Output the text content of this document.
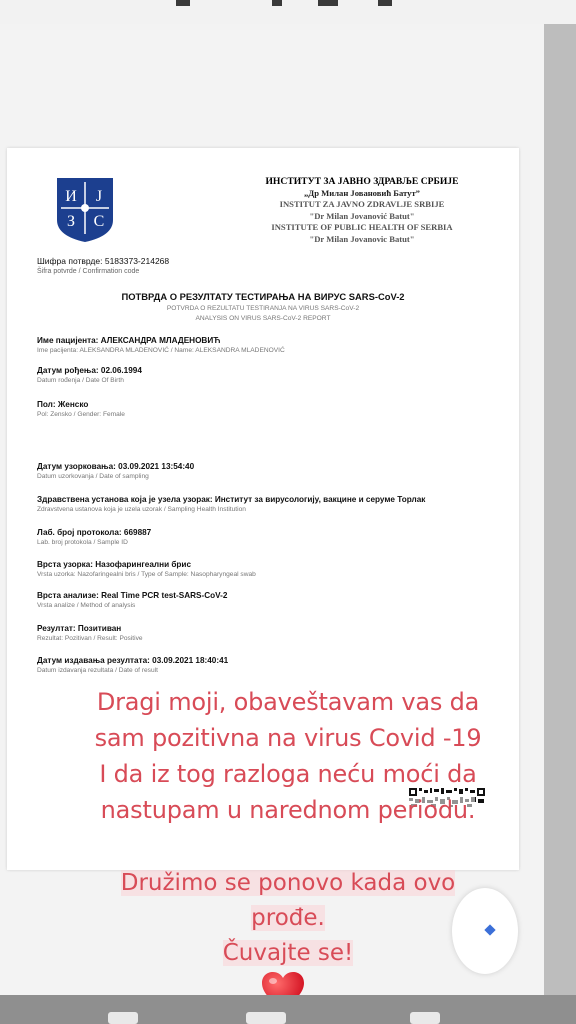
И Ј
З С
ИНСТИТУТ ЗА ЈАВНО ЗДРАВЉЕ СРБИЈЕ
„Др Милан Јовановић Батут”
INSTITUT ZA JAVNO ZDRAVLJE SRBIJE
"Dr Milan Jovanović Batut"
INSTITUTE OF PUBLIC HEALTH OF SERBIA
"Dr Milan Jovanovic Batut"
Шифра потврде: 5183373-214268
Šifra potvrde / Confirmation code
ПОТВРДА О РЕЗУЛТАТУ ТЕСТИРАЊА НА ВИРУС SARS-CoV-2
POTVRDA O REZULTATU TESTIRANJA NA VIRUS SARS-CoV-2
ANALYSIS ON VIRUS SARS-CoV-2 REPORT
Име пацијента: АЛЕКСАНДРА МЛАДЕНОВИЋ
Ime pacijenta: ALEKSANDRA MLADENOVIĆ / Name: ALEKSANDRA MLADENOVIĆ
Датум рођења: 02.06.1994
Datum rođenja / Date Of Birth
Пол: Женско
Pol: Zensko / Gender: Female
Датум узорковања: 03.09.2021 13:54:40
Datum uzorkovanja / Date of sampling
Здравствена установа која је узела узорак: Институт за вирусологију, вакцине и серуме Торлак
Zdravstvena ustanova koja je uzela uzorak / Sampling Health Institution
Лаб. број протокола: 669887
Lab. broj protokola / Sample ID
Врста узорка: Назофарингеални брис
Vrsta uzorka: Nazofaringealni bris / Type of Sample: Nasopharyngeal swab
Врста анализе: Real Time PCR test-SARS-CoV-2
Vrsta analize / Method of analysis
Резултат: Позитиван
Rezultat: Pozitivan / Result: Positive
Датум издавања резултата: 03.09.2021 18:40:41
Datum izdavanja rezultata / Date of result
Dragi moji, obaveštavam vas da
sam pozitivna na virus Covid -19
I da iz tog razloga neću moći da
nastupam u narednom periodu.
Družimo se ponovo kada ovo
prođe.
Čuvajte se!
